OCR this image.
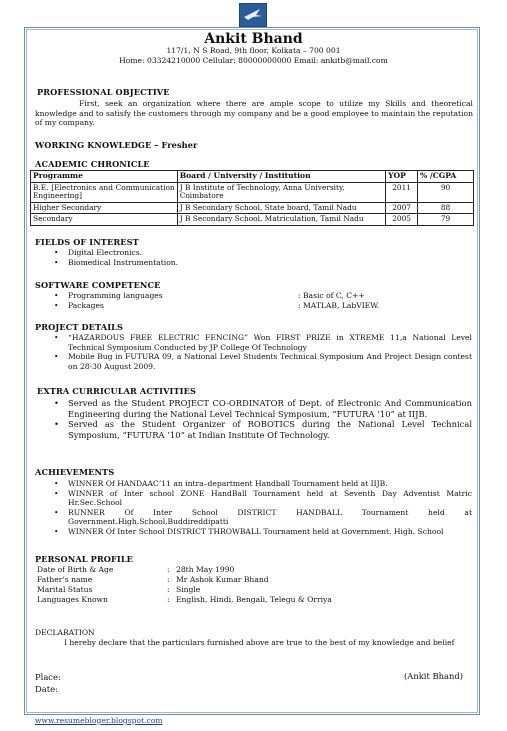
Ankit Bhand
117/1, N S Road, 9th floor, Kolkata – 700 001
Home: 03324210000 Cellular: 80000000000 Email: ankitb@mail.com
PROFESSIONAL OBJECTIVE
First, seek an organization where there are ample scope to utilize my Skills and theoretical knowledge and to satisfy the customers through my company and be a good employee to maintain the reputation of my company.
WORKING KNOWLEDGE – Fresher
ACADEMIC CHRONICLE
Programme	Board / University / Institution	YOP	% /CGPA
B.E. [Electronics and Communication Engineering]	J B Institute of Technology, Anna University, Coimbatore	2011	90
Higher Secondary	J B Secondary School, State board, Tamil Nadu	2007	88
Secondary	J B Secondary School, Matriculation, Tamil Nadu	2005	79
FIELDS OF INTEREST
• Digital Electronics.
• Biomedical Instrumentation.
SOFTWARE COMPETENCE
• Programming languages	: Basic of C, C++
• Packages	: MATLAB, LabVIEW.
PROJECT DETAILS
• “HAZARDOUS FREE ELECTRIC FENCING” Won FIRST PRIZE in XTREME 11,a National Level Technical Symposium Conducted by JP College Of Technology
• Mobile Bug in FUTURA 09, a National Level Students Technical Symposium And Project Design contest on 28-30 August 2009.
EXTRA CURRICULAR ACTIVITIES
• Served as the Student PROJECT CO-ORDINATOR of Dept. of Electronic And Communication Engineering during the National Level Technical Symposium, “FUTURA ’10” at IIJB.
• Served as the Student Organizer of ROBOTICS during the National Level Technical Symposium, “FUTURA ’10” at Indian Institute Of Technology.
ACHIEVEMENTS
• WINNER Of HANDAAC’11 an intra–department Handball Tournament held at IIJB.
• WINNER of Inter school ZONE HandBall Tournament held at Seventh Day Adventist Matric Hr.Sec.School
• RUNNER Of Inter School DISTRICT HANDBALL Tournament held at Government.High.School,Buddireddipatti
• WINNER Of Inter School DISTRICT THROWBALL Tournament held at Government. High. School
PERSONAL PROFILE
Date of Birth & Age	: 28th May 1990
Father’s name	: Mr Ashok Kumar Bhand
Marital Status	: Single
Languages Known	: English, Hindi, Bengali, Telegu & Orriya
DECLARATION
I hereby declare that the particulars furnished above are true to the best of my knowledge and belief
Place:
Date:
(Ankit Bhand)
www.resumebloger.blogspot.com
